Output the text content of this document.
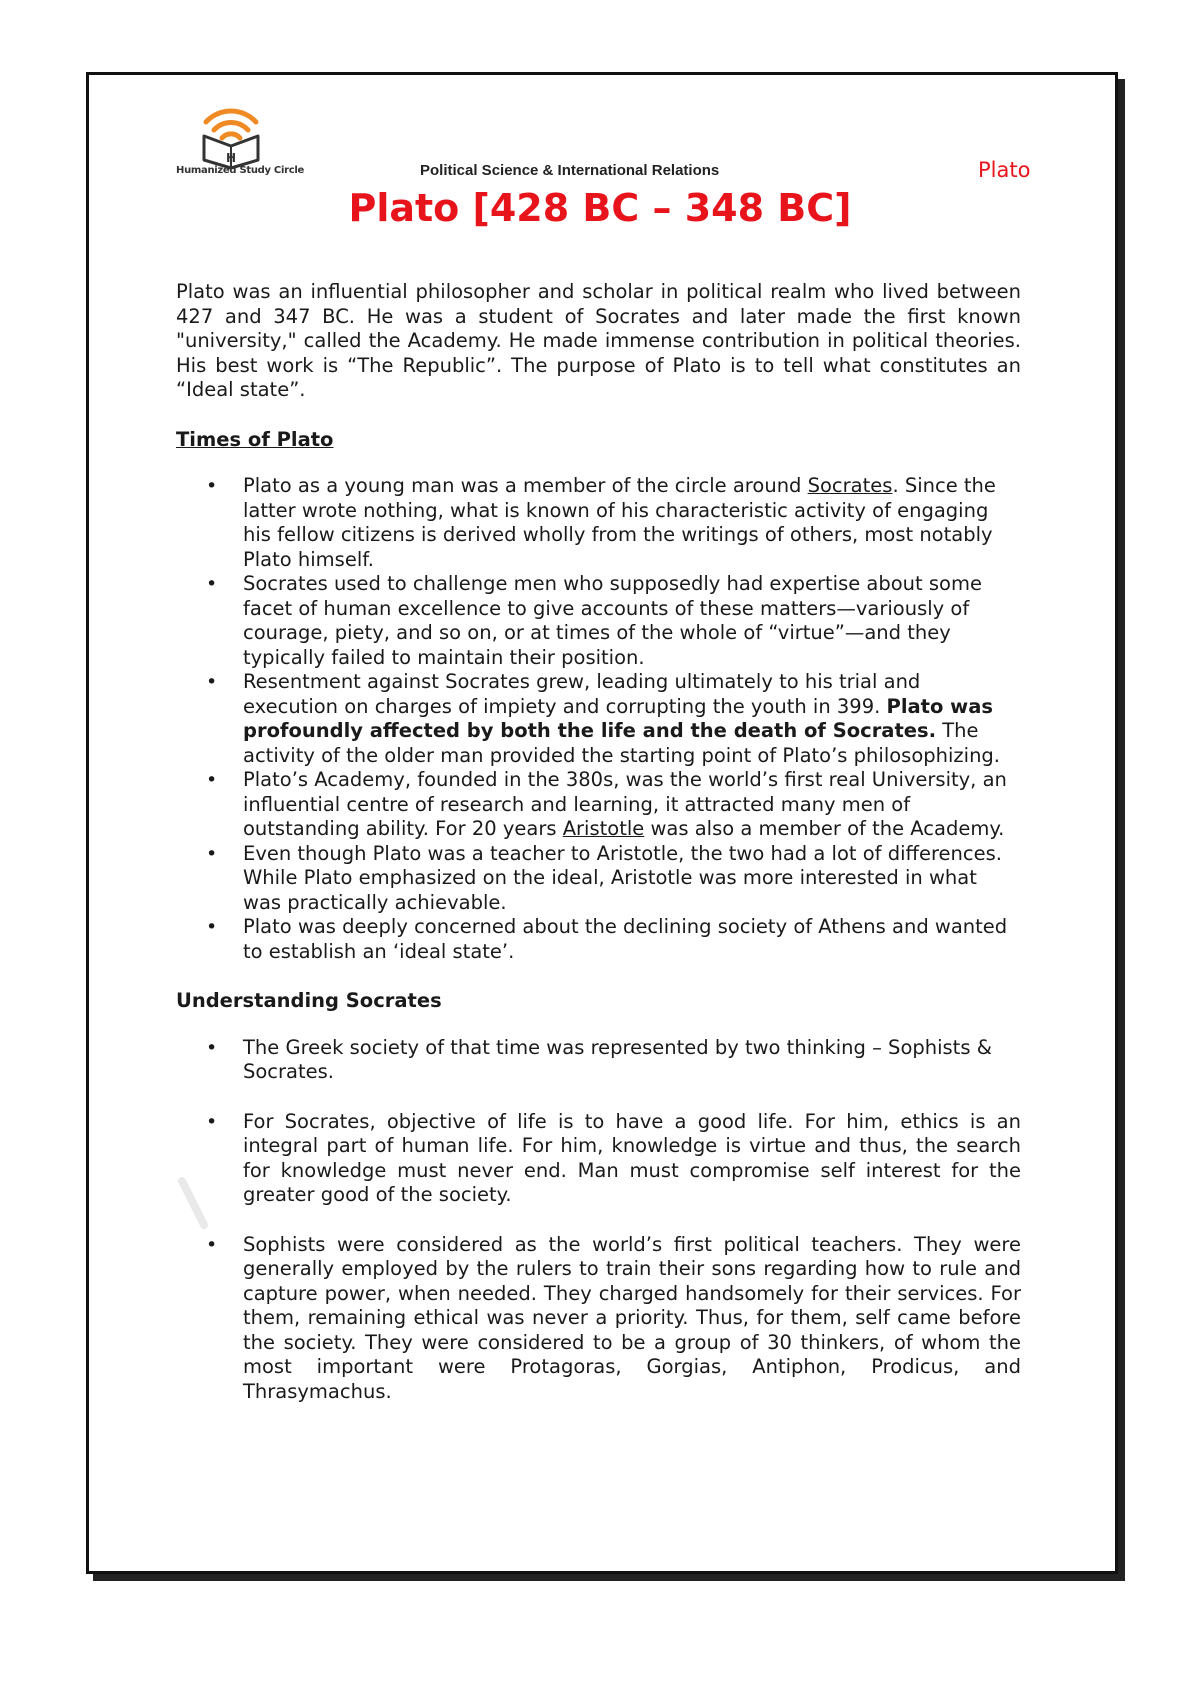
H
Humanized Study Circle	Political Science & International Relations	Plato
Plato [428 BC – 348 BC]

Plato was an influential philosopher and scholar in political realm who lived between 427 and 347 BC. He was a student of Socrates and later made the first known "university," called the Academy. He made immense contribution in political theories. His best work is “The Republic”. The purpose of Plato is to tell what constitutes an “Ideal state”.

Times of Plato
• Plato as a young man was a member of the circle around Socrates. Since the latter wrote nothing, what is known of his characteristic activity of engaging his fellow citizens is derived wholly from the writings of others, most notably Plato himself.
• Socrates used to challenge men who supposedly had expertise about some facet of human excellence to give accounts of these matters—variously of courage, piety, and so on, or at times of the whole of “virtue”—and they typically failed to maintain their position.
• Resentment against Socrates grew, leading ultimately to his trial and execution on charges of impiety and corrupting the youth in 399. Plato was profoundly affected by both the life and the death of Socrates. The activity of the older man provided the starting point of Plato’s philosophizing.
• Plato’s Academy, founded in the 380s, was the world’s first real University, an influential centre of research and learning, it attracted many men of outstanding ability. For 20 years Aristotle was also a member of the Academy.
• Even though Plato was a teacher to Aristotle, the two had a lot of differences. While Plato emphasized on the ideal, Aristotle was more interested in what was practically achievable.
• Plato was deeply concerned about the declining society of Athens and wanted to establish an ‘ideal state’.
Understanding Socrates
• The Greek society of that time was represented by two thinking – Sophists & Socrates.
• For Socrates, objective of life is to have a good life. For him, ethics is an integral part of human life. For him, knowledge is virtue and thus, the search for knowledge must never end. Man must compromise self interest for the greater good of the society.
• Sophists were considered as the world’s first political teachers. They were generally employed by the rulers to train their sons regarding how to rule and capture power, when needed. They charged handsomely for their services. For them, remaining ethical was never a priority. Thus, for them, self came before the society. They were considered to be a group of 30 thinkers, of whom the most important were Protagoras, Gorgias, Antiphon, Prodicus, and Thrasymachus.
